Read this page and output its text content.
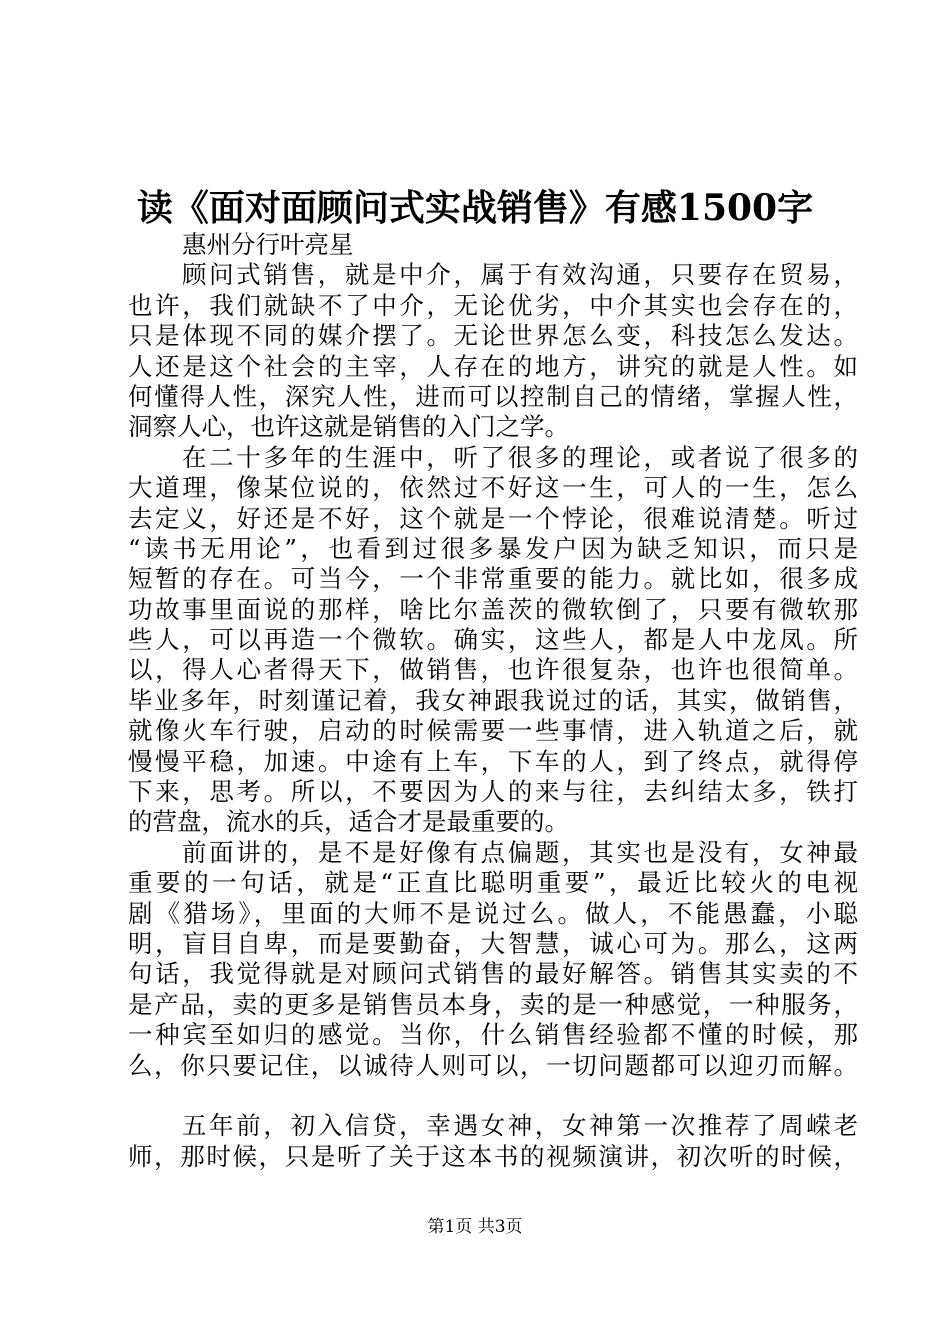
读《面对面顾问式实战销售》有感1500字
惠州分行叶亮星
顾问式销售，就是中介，属于有效沟通，只要存在贸易，
也许，我们就缺不了中介，无论优劣，中介其实也会存在的，
只是体现不同的媒介摆了。无论世界怎么变，科技怎么发达。
人还是这个社会的主宰，人存在的地方，讲究的就是人性。如
何懂得人性，深究人性，进而可以控制自己的情绪，掌握人性，
洞察人心，也许这就是销售的入门之学。
在二十多年的生涯中，听了很多的理论，或者说了很多的
大道理，像某位说的，依然过不好这一生，可人的一生，怎么
去定义，好还是不好，这个就是一个悖论，很难说清楚。听过
“读书无用论”，也看到过很多暴发户因为缺乏知识，而只是
短暂的存在。可当今，一个非常重要的能力。就比如，很多成
功故事里面说的那样，啥比尔盖茨的微软倒了，只要有微软那
些人，可以再造一个微软。确实，这些人，都是人中龙凤。所
以，得人心者得天下，做销售，也许很复杂，也许也很简单。
毕业多年，时刻谨记着，我女神跟我说过的话，其实，做销售，
就像火车行驶，启动的时候需要一些事情，进入轨道之后，就
慢慢平稳，加速。中途有上车，下车的人，到了终点，就得停
下来，思考。所以，不要因为人的来与往，去纠结太多，铁打
的营盘，流水的兵，适合才是最重要的。
前面讲的，是不是好像有点偏题，其实也是没有，女神最
重要的一句话，就是“正直比聪明重要”，最近比较火的电视
剧《猎场》，里面的大师不是说过么。做人，不能愚蠢，小聪
明，盲目自卑，而是要勤奋，大智慧，诚心可为。那么，这两
句话，我觉得就是对顾问式销售的最好解答。销售其实卖的不
是产品，卖的更多是销售员本身，卖的是一种感觉，一种服务，
一种宾至如归的感觉。当你，什么销售经验都不懂的时候，那
么，你只要记住，以诚待人则可以，一切问题都可以迎刃而解。
五年前，初入信贷，幸遇女神，女神第一次推荐了周嵘老
师，那时候，只是听了关于这本书的视频演讲，初次听的时候，
第1页 共3页
